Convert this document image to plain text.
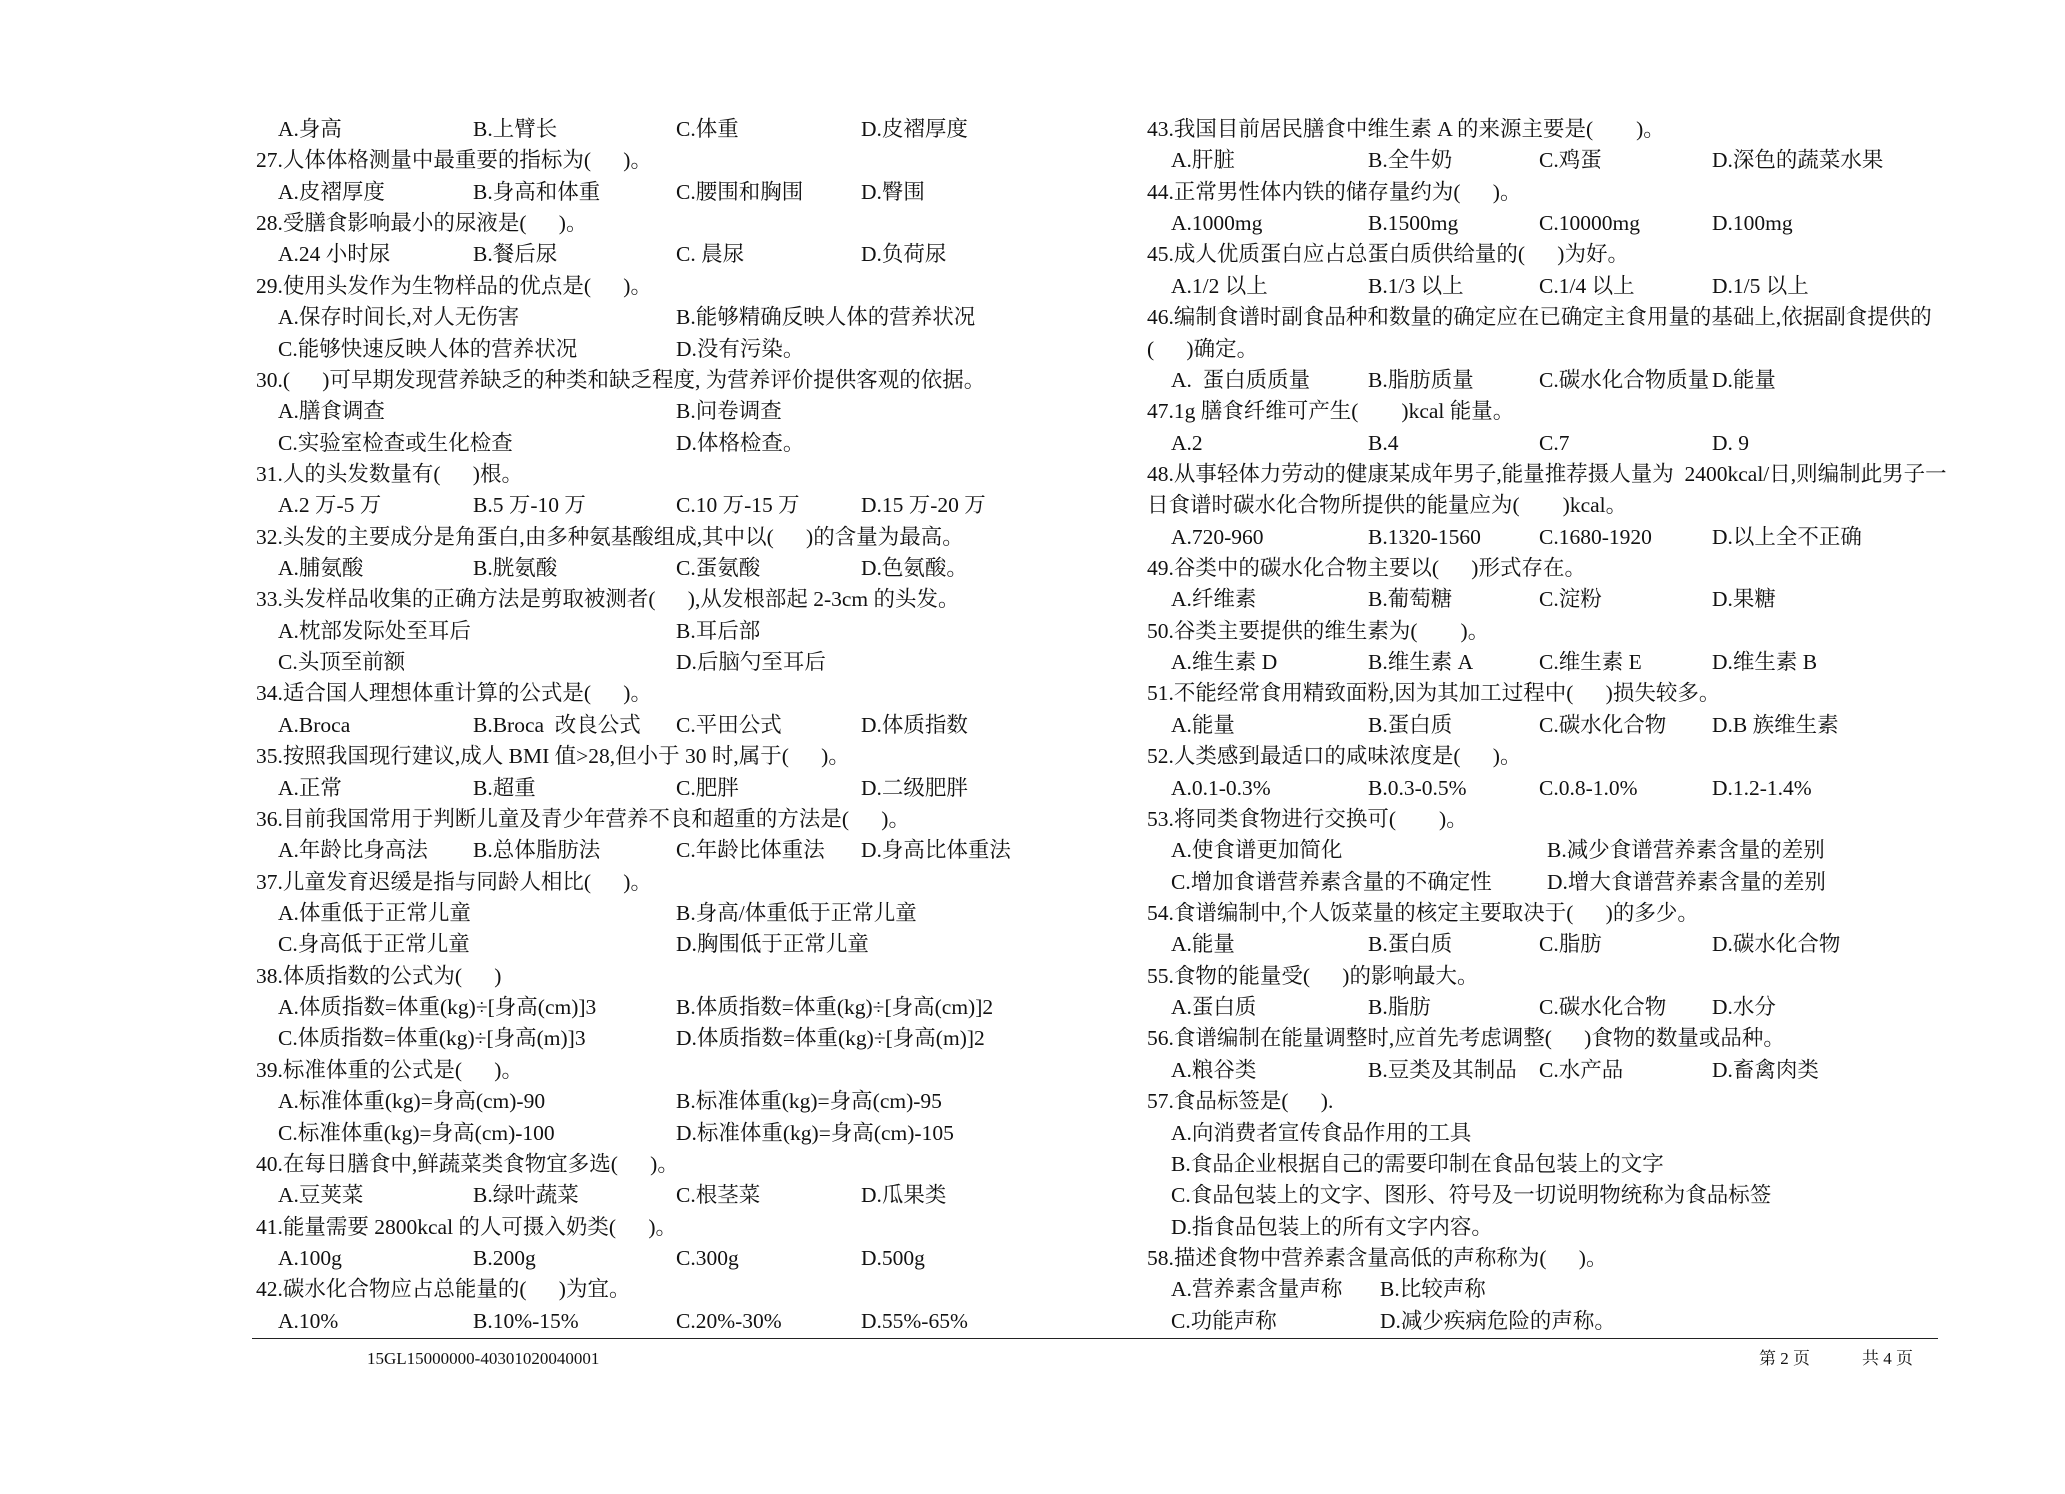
A.身高

	B.上臂长

	C.体重

	D.皮褶厚度

27.人体体格测量中最重要的指标为(      )。

A.皮褶厚度

	B.身高和体重

	C.腰围和胸围

	D.臀围

28.受膳食影响最小的尿液是(      )。

A.24 小时尿

	B.餐后尿

	C. 晨尿

	D.负荷尿

29.使用头发作为生物样品的优点是(      )。

A.保存时间长,对人无伤害

	B.能够精确反映人体的营养状况

C.能够快速反映人体的营养状况

	D.没有污染。

30.(      )可早期发现营养缺乏的种类和缺乏程度, 为营养评价提供客观的依据。

A.膳食调查

	B.问卷调查

C.实验室检查或生化检查

	D.体格检查。

31.人的头发数量有(      )根。

A.2 万-5 万

	B.5 万-10 万

	C.10 万-15 万

	D.15 万-20 万

32.头发的主要成分是角蛋白,由多种氨基酸组成,其中以(      )的含量为最高。

A.脯氨酸

	B.胱氨酸

	C.蛋氨酸

	D.色氨酸。

33.头发样品收集的正确方法是剪取被测者(      ),从发根部起 2-3cm 的头发。

A.枕部发际处至耳后

	B.耳后部

C.头顶至前额

	D.后脑勺至耳后

34.适合国人理想体重计算的公式是(      )。

A.Broca

	B.Broca  改良公式

C.平田公式

	D.体质指数

35.按照我国现行建议,成人 BMI 值>28,但小于 30 时,属于(      )。

A.正常

	B.超重

	C.肥胖

	D.二级肥胖

36.目前我国常用于判断儿童及青少年营养不良和超重的方法是(      )。

A.年龄比身高法

B.总体脂肪法

	C.年龄比体重法

D.身高比体重法

37.儿童发育迟缓是指与同龄人相比(      )。

A.体重低于正常儿童

	B.身高/体重低于正常儿童

C.身高低于正常儿童

	D.胸围低于正常儿童

38.体质指数的公式为(      )

A.体质指数=体重(kg)÷[身高(cm)]3

	B.体质指数=体重(kg)÷[身高(cm)]2

C.体质指数=体重(kg)÷[身高(m)]3

	D.体质指数=体重(kg)÷[身高(m)]2

39.标准体重的公式是(      )。

A.标准体重(kg)=身高(cm)-90

	B.标准体重(kg)=身高(cm)-95

C.标准体重(kg)=身高(cm)-100

	D.标准体重(kg)=身高(cm)-105

40.在每日膳食中,鲜蔬菜类食物宜多选(      )。

A.豆荚菜

	B.绿叶蔬菜

	C.根茎菜

	D.瓜果类

41.能量需要 2800kcal 的人可摄入奶类(      )。

A.100g

	B.200g

	C.300g

	D.500g

42.碳水化合物应占总能量的(      )为宜。

A.10%

	B.10%-15%

	C.20%-30%

	D.55%-65%

43.我国目前居民膳食中维生素 A 的来源主要是(        )。

A.肝脏

	B.全牛奶

	C.鸡蛋

	D.深色的蔬菜水果

44.正常男性体内铁的储存量约为(      )。

A.1000mg

	B.1500mg

	C.10000mg

	D.100mg

45.成人优质蛋白应占总蛋白质供给量的(      )为好。

A.1/2 以上

	B.1/3 以上

	C.1/4 以上

	D.1/5 以上

46.编制食谱时副食品种和数量的确定应在已确定主食用量的基础上,依据副食提供的
(      )确定。

A.  蛋白质质量

	B.脂肪质量

	C.碳水化合物质量

D.能量

47.1g 膳食纤维可产生(        )kcal 能量。

A.2

	B.4

	C.7

	D. 9

48.从事轻体力劳动的健康某成年男子,能量推荐摄人量为  2400kcal/日,则编制此男子一
日食谱时碳水化合物所提供的能量应为(        )kcal。

A.720-960

	B.1320-1560

	C.1680-1920

	D.以上全不正确

49.谷类中的碳水化合物主要以(      )形式存在。

A.纤维素

	B.葡萄糖

	C.淀粉

	D.果糖

50.谷类主要提供的维生素为(        )。

A.维生素 D

	B.维生素 A

	C.维生素 E

	D.维生素 B

51.不能经常食用精致面粉,因为其加工过程中(      )损失较多。

A.能量

	B.蛋白质

	C.碳水化合物

D.B 族维生素

52.人类感到最适口的咸味浓度是(      )。

A.0.1-0.3%

	B.0.3-0.5%

	C.0.8-1.0%

	D.1.2-1.4%

53.将同类食物进行交换可(        )。

A.使食谱更加简化

	B.减少食谱营养素含量的差别

C.增加食谱营养素含量的不确定性

	D.增大食谱营养素含量的差别

54.食谱编制中,个人饭菜量的核定主要取决于(      )的多少。

A.能量

	B.蛋白质

	C.脂肪

	D.碳水化合物

55.食物的能量受(      )的影响最大。

A.蛋白质

	B.脂肪

	C.碳水化合物

D.水分

56.食谱编制在能量调整时,应首先考虑调整(      )食物的数量或品种。

A.粮谷类

	B.豆类及其制品

C.水产品

	D.畜禽肉类

57.食品标签是(      ).

A.向消费者宣传食品作用的工具

B.食品企业根据自己的需要印制在食品包装上的文字

C.食品包装上的文字、图形、符号及一切说明物统称为食品标签

D.指食品包装上的所有文字内容。

58.描述食物中营养素含量高低的声称称为(      )。

A.营养素含量声称

B.比较声称

C.功能声称

	D.减少疾病危险的声称。

15GL15000000-40301020040001	第 2 页	共 4 页
